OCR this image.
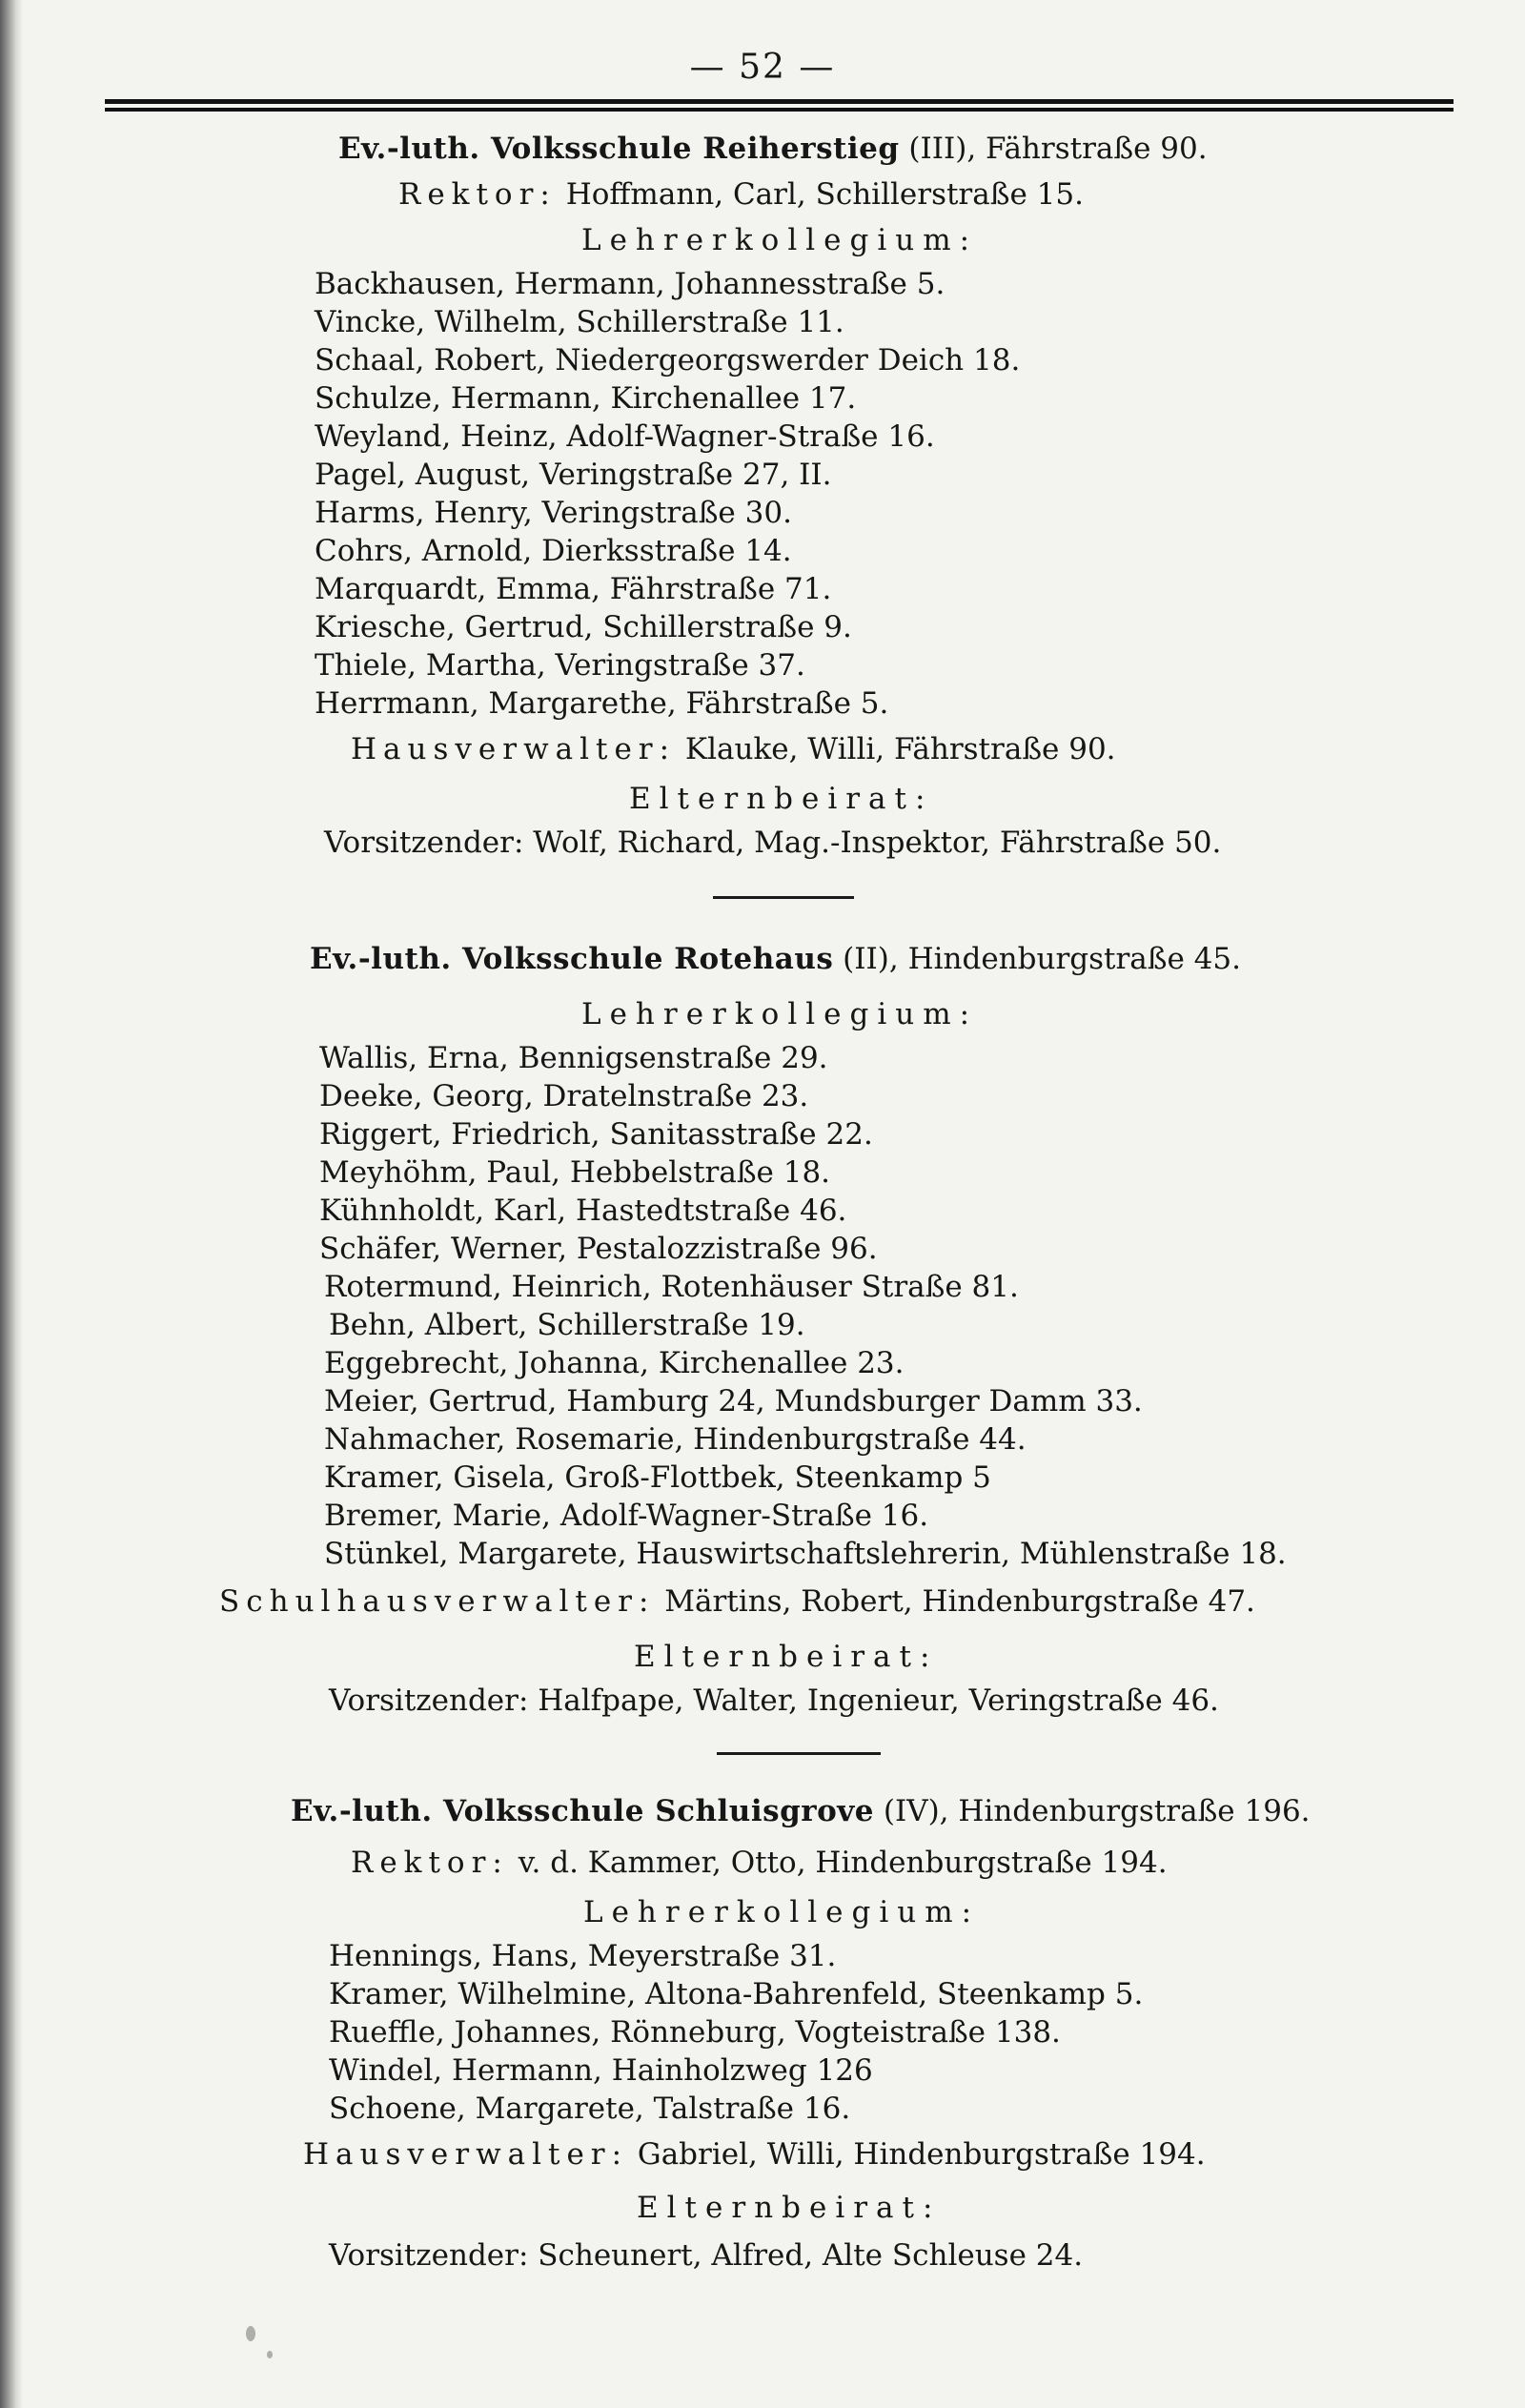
— 52 —
Ev.-luth. Volksschule Reiherstieg (III), Fährstraße 90.
Rektor: Hoffmann, Carl, Schillerstraße 15.
Lehrerkollegium:
Backhausen, Hermann, Johannesstraße 5.
Vincke, Wilhelm, Schillerstraße 11.
Schaal, Robert, Niedergeorgswerder Deich 18.
Schulze, Hermann, Kirchenallee 17.
Weyland, Heinz, Adolf-Wagner-Straße 16.
Pagel, August, Veringstraße 27, II.
Harms, Henry, Veringstraße 30.
Cohrs, Arnold, Dierksstraße 14.
Marquardt, Emma, Fährstraße 71.
Kriesche, Gertrud, Schillerstraße 9.
Thiele, Martha, Veringstraße 37.
Herrmann, Margarethe, Fährstraße 5.
Hausverwalter: Klauke, Willi, Fährstraße 90.
Elternbeirat:
Vorsitzender: Wolf, Richard, Mag.-Inspektor, Fährstraße 50.
Ev.-luth. Volksschule Rotehaus (II), Hindenburgstraße 45.
Lehrerkollegium:
Wallis, Erna, Bennigsenstraße 29.
Deeke, Georg, Dratelnstraße 23.
Riggert, Friedrich, Sanitasstraße 22.
Meyhöhm, Paul, Hebbelstraße 18.
Kühnholdt, Karl, Hastedtstraße 46.
Schäfer, Werner, Pestalozzistraße 96.
Rotermund, Heinrich, Rotenhäuser Straße 81.
Behn, Albert, Schillerstraße 19.
Eggebrecht, Johanna, Kirchenallee 23.
Meier, Gertrud, Hamburg 24, Mundsburger Damm 33.
Nahmacher, Rosemarie, Hindenburgstraße 44.
Kramer, Gisela, Groß-Flottbek, Steenkamp 5
Bremer, Marie, Adolf-Wagner-Straße 16.
Stünkel, Margarete, Hauswirtschaftslehrerin, Mühlenstraße 18.
Schulhausverwalter: Märtins, Robert, Hindenburgstraße 47.
Elternbeirat:
Vorsitzender: Halfpape, Walter, Ingenieur, Veringstraße 46.
Ev.-luth. Volksschule Schluisgrove (IV), Hindenburgstraße 196.
Rektor: v. d. Kammer, Otto, Hindenburgstraße 194.
Lehrerkollegium:
Hennings, Hans, Meyerstraße 31.
Kramer, Wilhelmine, Altona-Bahrenfeld, Steenkamp 5.
Rueffle, Johannes, Rönneburg, Vogteistraße 138.
Windel, Hermann, Hainholzweg 126
Schoene, Margarete, Talstraße 16.
Hausverwalter: Gabriel, Willi, Hindenburgstraße 194.
Elternbeirat:
Vorsitzender: Scheunert, Alfred, Alte Schleuse 24.
